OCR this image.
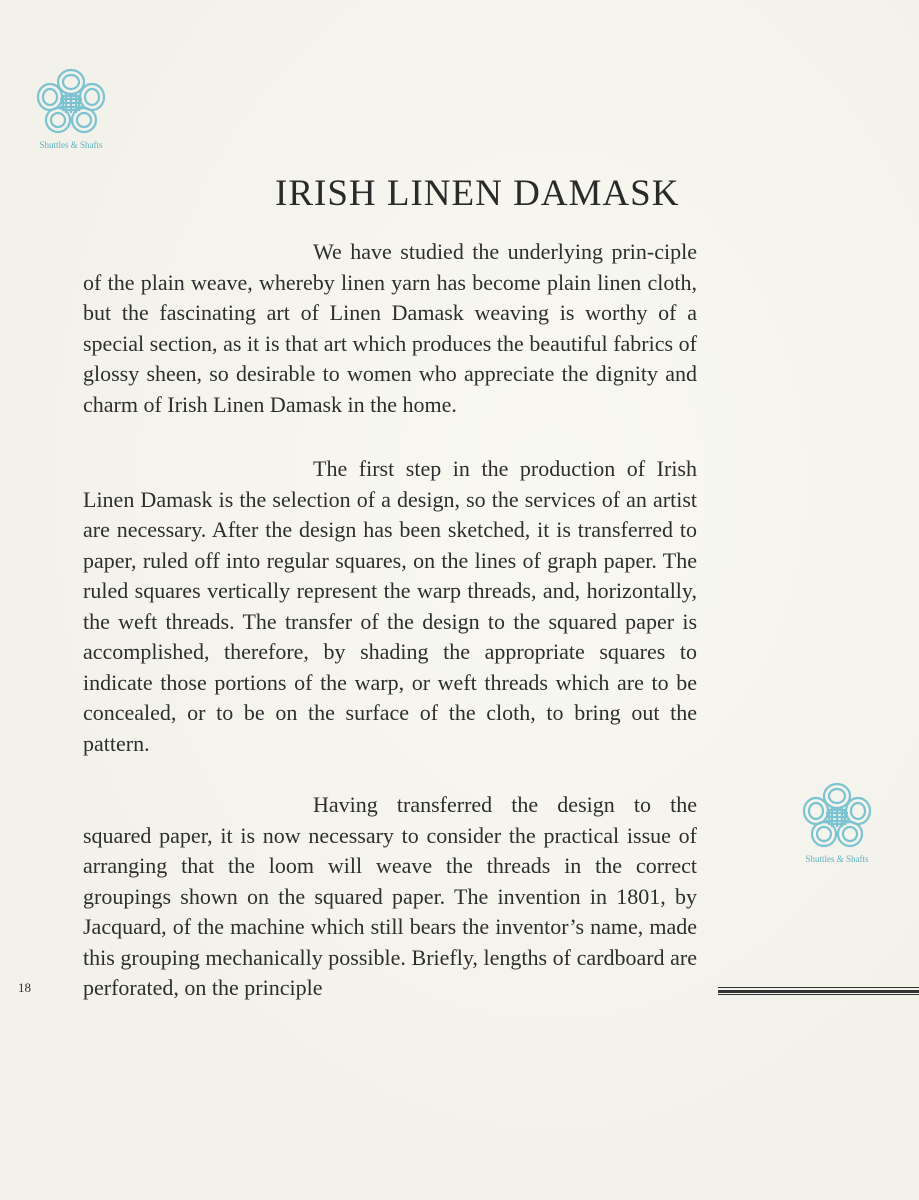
Shuttles & Shafts
IRISH LINEN DAMASK

We have studied the underlying prin-ciple of the plain weave, whereby linen yarn has become plain linen cloth, but the fascinating art of Linen Damask weaving is worthy of a special section, as it is that art which produces the beautiful fabrics of glossy sheen, so desirable to women who appreciate the dignity and charm of Irish Linen Damask in the home.

The first step in the production of Irish Linen Damask is the selection of a design, so the services of an artist are necessary. After the design has been sketched, it is transferred to paper, ruled off into regular squares, on the lines of graph paper. The ruled squares vertically represent the warp threads, and, horizontally, the weft threads. The transfer of the design to the squared paper is accomplished, therefore, by shading the appropriate squares to indicate those portions of the warp, or weft threads which are to be concealed, or to be on the surface of the cloth, to bring out the pattern.

Having transferred the design to the squared paper, it is now necessary to consider the practical issue of arranging that the loom will weave the threads in the correct groupings shown on the squared paper. The invention in 1801, by Jacquard, of the machine which still bears the inventor’s name, made this grouping mechanically possible. Briefly, lengths of cardboard are perforated, on the principle

18
Shuttles & Shafts
